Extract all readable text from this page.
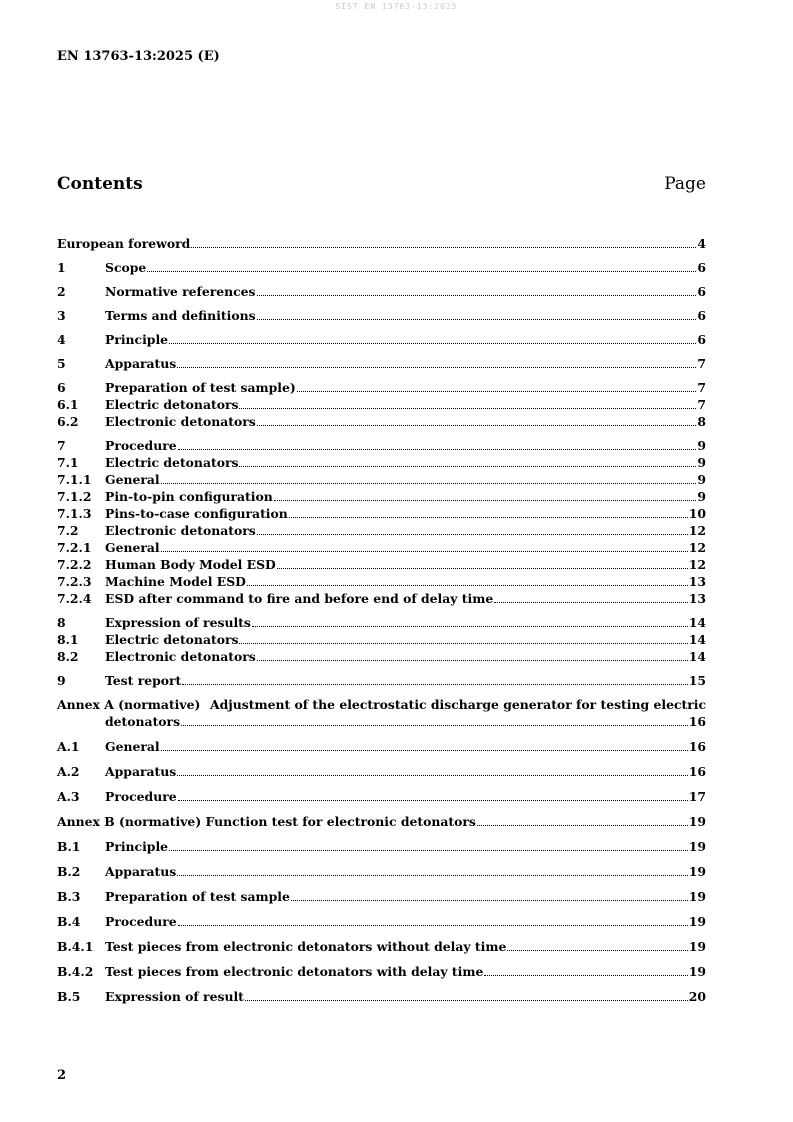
SIST EN 13763-13:2025
EN 13763-13:2025 (E)
Contents	Page
European foreword	4
1	Scope	6
2	Normative references	6
3	Terms and definitions	6
4	Principle	6
5	Apparatus	7
6	Preparation of test sample)	7
6.1	Electric detonators	7
6.2	Electronic detonators	8
7	Procedure	9
7.1	Electric detonators	9
7.1.1	General	9
7.1.2	Pin-to-pin configuration	9
7.1.3	Pins-to-case configuration	10
7.2	Electronic detonators	12
7.2.1	General	12
7.2.2	Human Body Model ESD	12
7.2.3	Machine Model ESD	13
7.2.4	ESD after command to fire and before end of delay time	13
8	Expression of results	14
8.1	Electric detonators	14
8.2	Electronic detonators	14
9	Test report	15
Annex A (normative) Adjustment of the electrostatic discharge generator for testing electric
detonators	16
A.1	General	16
A.2	Apparatus	16
A.3	Procedure	17
Annex B (normative) Function test for electronic detonators	19
B.1	Principle	19
B.2	Apparatus	19
B.3	Preparation of test sample	19
B.4	Procedure	19
B.4.1 Test pieces from electronic detonators without delay time	19
B.4.2 Test pieces from electronic detonators with delay time	19
B.5	Expression of result	20
2
